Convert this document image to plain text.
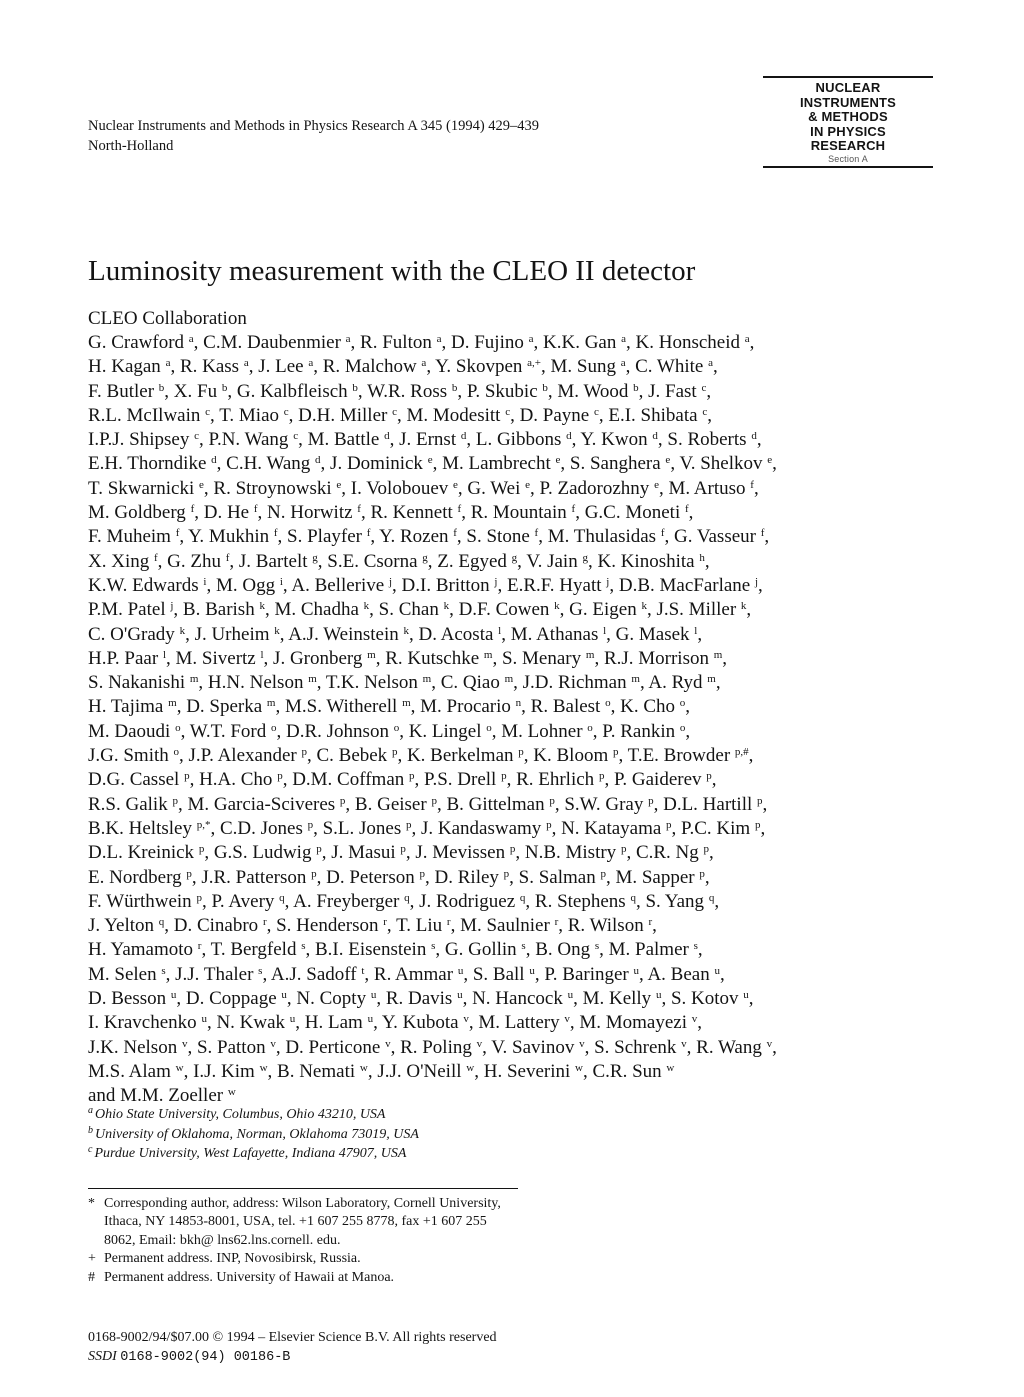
Nuclear Instruments and Methods in Physics Research A 345 (1994) 429–439
North-Holland
NUCLEAR
INSTRUMENTS
& METHODS
IN PHYSICS
RESEARCH
Section A
Luminosity measurement with the CLEO II detector
CLEO Collaboration
G. Crawford $^a$, C.M. Daubenmier $^a$, R. Fulton $^a$, D. Fujino $^a$, K.K. Gan $^a$, K. Honscheid $^a$,
H. Kagan $^a$, R. Kass $^a$, J. Lee $^a$, R. Malchow $^a$, Y. Skovpen $^{a,+}$, M. Sung $^a$, C. White $^a$,
F. Butler $^b$, X. Fu $^b$, G. Kalbfleisch $^b$, W.R. Ross $^b$, P. Skubic $^b$, M. Wood $^b$, J. Fast $^c$,
R.L. McIlwain $^c$, T. Miao $^c$, D.H. Miller $^c$, M. Modesitt $^c$, D. Payne $^c$, E.I. Shibata $^c$,
I.P.J. Shipsey $^c$, P.N. Wang $^c$, M. Battle $^d$, J. Ernst $^d$, L. Gibbons $^d$, Y. Kwon $^d$, S. Roberts $^d$,
E.H. Thorndike $^d$, C.H. Wang $^d$, J. Dominick $^e$, M. Lambrecht $^e$, S. Sanghera $^e$, V. Shelkov $^e$,
T. Skwarnicki $^e$, R. Stroynowski $^e$, I. Volobouev $^e$, G. Wei $^e$, P. Zadorozhny $^e$, M. Artuso $^f$,
M. Goldberg $^f$, D. He $^f$, N. Horwitz $^f$, R. Kennett $^f$, R. Mountain $^f$, G.C. Moneti $^f$,
F. Muheim $^f$, Y. Mukhin $^f$, S. Playfer $^f$, Y. Rozen $^f$, S. Stone $^f$, M. Thulasidas $^f$, G. Vasseur $^f$,
X. Xing $^f$, G. Zhu $^f$, J. Bartelt $^g$, S.E. Csorna $^g$, Z. Egyed $^g$, V. Jain $^g$, K. Kinoshita $^h$,
K.W. Edwards $^i$, M. Ogg $^i$, A. Bellerive $^j$, D.I. Britton $^j$, E.R.F. Hyatt $^j$, D.B. MacFarlane $^j$,
P.M. Patel $^j$, B. Barish $^k$, M. Chadha $^k$, S. Chan $^k$, D.F. Cowen $^k$, G. Eigen $^k$, J.S. Miller $^k$,
C. O'Grady $^k$, J. Urheim $^k$, A.J. Weinstein $^k$, D. Acosta $^l$, M. Athanas $^l$, G. Masek $^l$,
H.P. Paar $^l$, M. Sivertz $^l$, J. Gronberg $^m$, R. Kutschke $^m$, S. Menary $^m$, R.J. Morrison $^m$,
S. Nakanishi $^m$, H.N. Nelson $^m$, T.K. Nelson $^m$, C. Qiao $^m$, J.D. Richman $^m$, A. Ryd $^m$,
H. Tajima $^m$, D. Sperka $^m$, M.S. Witherell $^m$, M. Procario $^n$, R. Balest $^o$, K. Cho $^o$,
M. Daoudi $^o$, W.T. Ford $^o$, D.R. Johnson $^o$, K. Lingel $^o$, M. Lohner $^o$, P. Rankin $^o$,
J.G. Smith $^o$, J.P. Alexander $^p$, C. Bebek $^p$, K. Berkelman $^p$, K. Bloom $^p$, T.E. Browder $^{p,\#}$,
D.G. Cassel $^p$, H.A. Cho $^p$, D.M. Coffman $^p$, P.S. Drell $^p$, R. Ehrlich $^p$, P. Gaiderev $^p$,
R.S. Galik $^p$, M. Garcia-Sciveres $^p$, B. Geiser $^p$, B. Gittelman $^p$, S.W. Gray $^p$, D.L. Hartill $^p$,
B.K. Heltsley $^{p,*}$, C.D. Jones $^p$, S.L. Jones $^p$, J. Kandaswamy $^p$, N. Katayama $^p$, P.C. Kim $^p$,
D.L. Kreinick $^p$, G.S. Ludwig $^p$, J. Masui $^p$, J. Mevissen $^p$, N.B. Mistry $^p$, C.R. Ng $^p$,
E. Nordberg $^p$, J.R. Patterson $^p$, D. Peterson $^p$, D. Riley $^p$, S. Salman $^p$, M. Sapper $^p$,
F. Würthwein $^p$, P. Avery $^q$, A. Freyberger $^q$, J. Rodriguez $^q$, R. Stephens $^q$, S. Yang $^q$,
J. Yelton $^q$, D. Cinabro $^r$, S. Henderson $^r$, T. Liu $^r$, M. Saulnier $^r$, R. Wilson $^r$,
H. Yamamoto $^r$, T. Bergfeld $^s$, B.I. Eisenstein $^s$, G. Gollin $^s$, B. Ong $^s$, M. Palmer $^s$,
M. Selen $^s$, J.J. Thaler $^s$, A.J. Sadoff $^t$, R. Ammar $^u$, S. Ball $^u$, P. Baringer $^u$, A. Bean $^u$,
D. Besson $^u$, D. Coppage $^u$, N. Copty $^u$, R. Davis $^u$, N. Hancock $^u$, M. Kelly $^u$, S. Kotov $^u$,
I. Kravchenko $^u$, N. Kwak $^u$, H. Lam $^u$, Y. Kubota $^v$, M. Lattery $^v$, M. Momayezi $^v$,
J.K. Nelson $^v$, S. Patton $^v$, D. Perticone $^v$, R. Poling $^v$, V. Savinov $^v$, S. Schrenk $^v$, R. Wang $^v$,
M.S. Alam $^w$, I.J. Kim $^w$, B. Nemati $^w$, J.J. O'Neill $^w$, H. Severini $^w$, C.R. Sun $^w$
and M.M. Zoeller $^w$
$^a$ Ohio State University, Columbus, Ohio 43210, USA
$^b$ University of Oklahoma, Norman, Oklahoma 73019, USA
$^c$ Purdue University, West Lafayette, Indiana 47907, USA
* Corresponding author, address: Wilson Laboratory, Cornell University, Ithaca, NY 14853-8001, USA, tel. +1 607 255 8778, fax +1 607 255 8062, Email: bkh@ lns62.lns.cornell. edu.
+ Permanent address. INP, Novosibirsk, Russia.
# Permanent address. University of Hawaii at Manoa.
0168-9002/94/$07.00 © 1994 – Elsevier Science B.V. All rights reserved
SSDI 0168-9002(94) 00186-B
